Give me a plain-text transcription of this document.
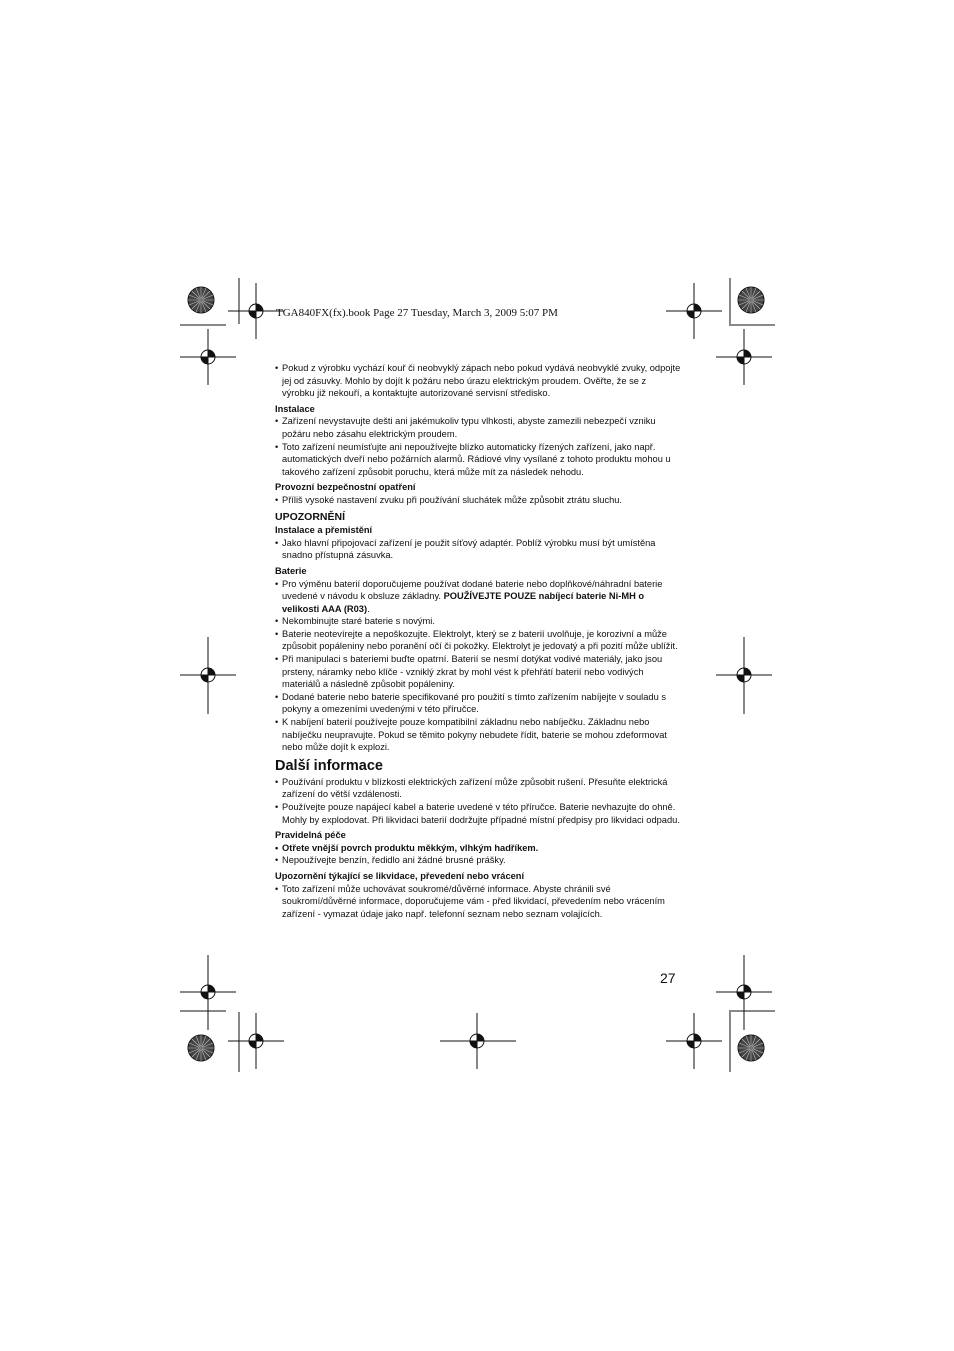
TGA840FX(fx).book Page 27 Tuesday, March 3, 2009 5:07 PM

• Pokud z výrobku vychází kouř či neobvyklý zápach nebo pokud vydává neobvyklé zvuky, odpojte jej od zásuvky. Mohlo by dojít k požáru nebo úrazu elektrickým proudem. Ověřte, že se z výrobku již nekouří, a kontaktujte autorizované servisní středisko.

Instalace

• Zařízení nevystavujte dešti ani jakémukoliv typu vlhkosti, abyste zamezili nebezpečí vzniku požáru nebo zásahu elektrickým proudem.

• Toto zařízení neumísťujte ani nepoužívejte blízko automaticky řízených zařízení, jako např. automatických dveří nebo požárních alarmů. Rádiové vlny vysílané z tohoto produktu mohou u takového zařízení způsobit poruchu, která může mít za následek nehodu.

Provozní bezpečnostní opatření

• Příliš vysoké nastavení zvuku při používání sluchátek může způsobit ztrátu sluchu.

UPOZORNĚNÍ

Instalace a přemistění

• Jako hlavní připojovací zařízení je použit síťový adaptér. Poblíž výrobku musí být umístěna snadno přístupná zásuvka.

Baterie

• Pro výměnu baterií doporučujeme používat dodané baterie nebo doplňkové/náhradní baterie uvedené v návodu k obsluze základny. POUŽÍVEJTE POUZE nabíjecí baterie Ni-MH o velikosti AAA (R03).

• Nekombinujte staré baterie s novými.

• Baterie neotevírejte a nepoškozujte. Elektrolyt, který se z baterií uvolňuje, je korozivní a může způsobit popáleniny nebo poranění očí či pokožky. Elektrolyt je jedovatý a při pozití může ublížit.

• Při manipulaci s bateriemi buďte opatrní. Baterií se nesmí dotýkat vodivé materiály, jako jsou prsteny, náramky nebo klíče - vzniklý zkrat by mohl vést k přehřátí baterií nebo vodivých materiálů a následně způsobit popáleniny.

• Dodané baterie nebo baterie specifikované pro použití s tímto zařízením nabíjejte v souladu s pokyny a omezeními uvedenými v této příručce.

• K nabíjení baterií používejte pouze kompatibilní základnu nebo nabíječku. Základnu nebo nabíječku neupravujte. Pokud se těmito pokyny nebudete řídit, baterie se mohou zdeformovat nebo může dojít k explozi.

Další informace

• Používání produktu v blízkosti elektrických zařízení může způsobit rušení. Přesuňte elektrická zařízení do větší vzdálenosti.

• Používejte pouze napájecí kabel a baterie uvedené v této příručce. Baterie nevhazujte do ohně. Mohly by explodovat. Při likvidaci baterií dodržujte případné místní předpisy pro likvidaci odpadu.

Pravidelná péče

• Otřete vnější povrch produktu měkkým, vlhkým hadříkem.

• Nepoužívejte benzín, ředidlo ani žádné brusné prášky.

Upozornění týkající se likvidace, převedení nebo vrácení

• Toto zařízení může uchovávat soukromé/důvěrné informace. Abyste chránili své soukromí/důvěrné informace, doporučujeme vám - před likvidací, převedením nebo vrácením zařízení - vymazat údaje jako např. telefonní seznam nebo seznam volajících.

27
